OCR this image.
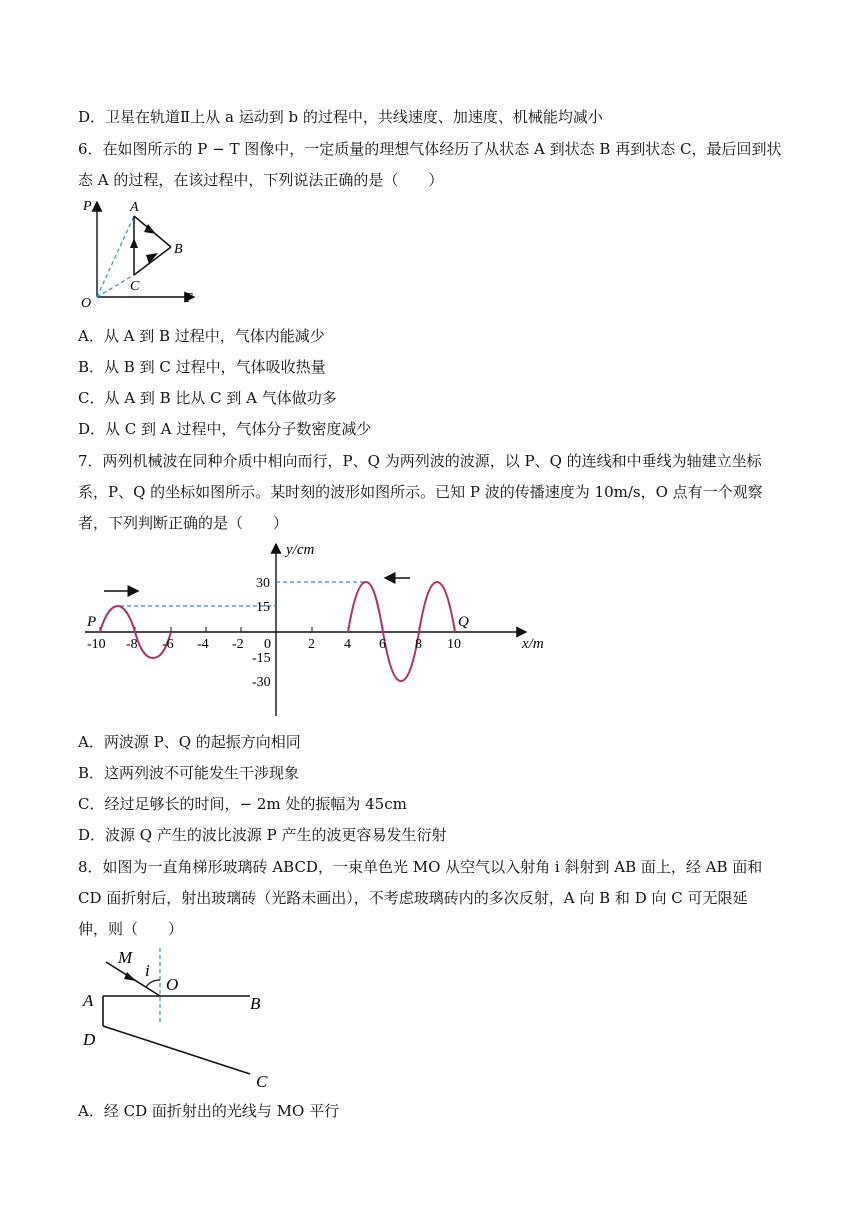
D．卫星在轨道Ⅱ上从 a 运动到 b 的过程中，共线速度、加速度、机械能均减小
6．在如图所示的 P − T 图像中，一定质量的理想气体经历了从状态 A 到状态 B 再到状态 C，最后回到状
态 A 的过程，在该过程中，下列说法正确的是（　　）
P	A
B
C
O	T
A．从 A 到 B 过程中，气体内能减少
B．从 B 到 C 过程中，气体吸收热量
C．从 A 到 B 比从 C 到 A 气体做功多
D．从 C 到 A 过程中，气体分子数密度减少
7．两列机械波在同种介质中相向而行，P、Q 为两列波的波源，以 P、Q 的连线和中垂线为轴建立坐标
系，P、Q 的坐标如图所示。某时刻的波形如图所示。已知 P 波的传播速度为 10m/s，O 点有一个观察
者，下列判断正确的是（　　）
30
15
-15
-30
-10 -8 -6 -4 -2 0	2 4 6 8 10
y/cm
x/m
P	Q
A．两波源 P、Q 的起振方向相同
B．这两列波不可能发生干涉现象
C．经过足够长的时间，− 2m 处的振幅为 45cm
D．波源 Q 产生的波比波源 P 产生的波更容易发生衍射
8．如图为一直角梯形玻璃砖 ABCD，一束单色光 MO 从空气以入射角 i 斜射到 AB 面上，经 AB 面和
CD 面折射后，射出玻璃砖（光路未画出），不考虑玻璃砖内的多次反射，A 向 B 和 D 向 C 可无限延
伸，则（　　）
M
i
O
A	B
D
C
A．经 CD 面折射出的光线与 MO 平行
